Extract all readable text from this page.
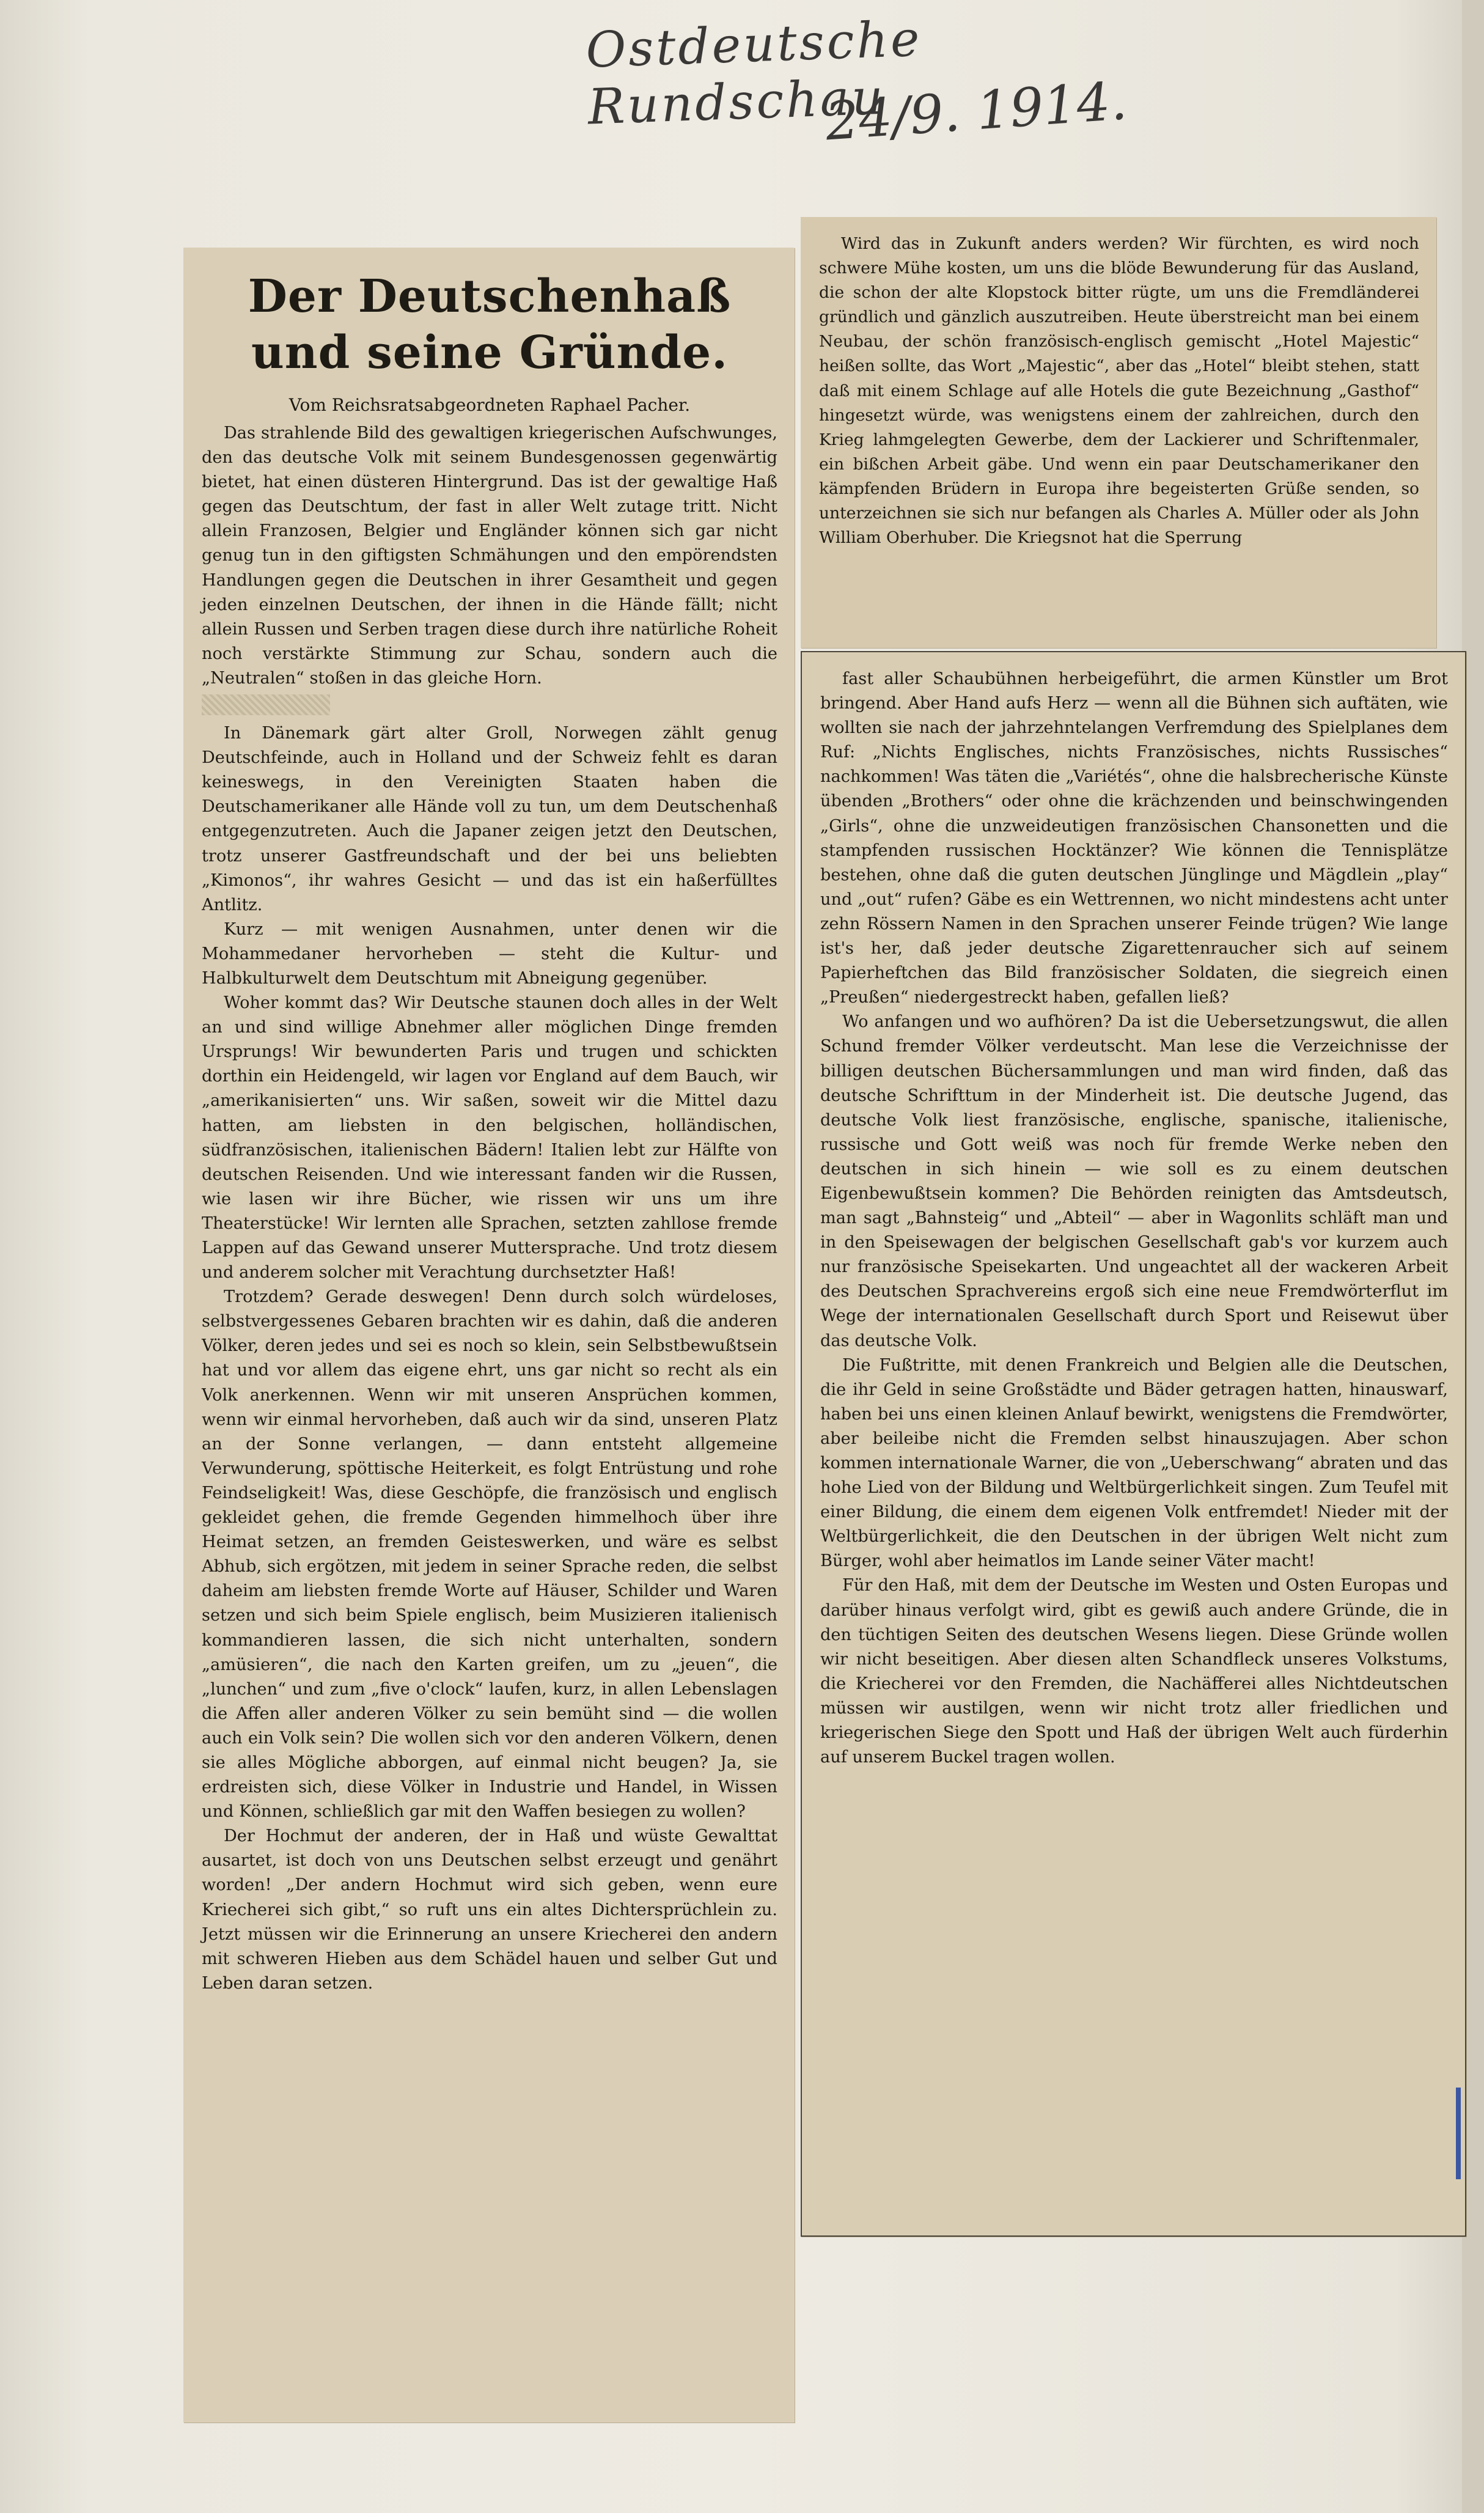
Ostdeutsche Rundschau
24/9. 1914.
Der Deutschenhaß und seine Gründe.
Vom Reichsratsabgeordneten Raphael Pacher.

Das strahlende Bild des gewaltigen kriegerischen Aufschwunges, den das deutsche Volk mit seinem Bundesgenossen gegenwärtig bietet, hat einen düsteren Hintergrund. Das ist der gewaltige Haß gegen das Deutschtum, der fast in aller Welt zutage tritt. Nicht allein Franzosen, Belgier und Engländer können sich gar nicht genug tun in den giftigsten Schmähungen und den empörendsten Handlungen gegen die Deutschen in ihrer Gesamtheit und gegen jeden einzelnen Deutschen, der ihnen in die Hände fällt; nicht allein Russen und Serben tragen diese durch ihre natürliche Roheit noch verstärkte Stimmung zur Schau, sondern auch die „Neutralen“ stoßen in das gleiche Horn.

In Dänemark gärt alter Groll, Norwegen zählt genug Deutschfeinde, auch in Holland und der Schweiz fehlt es daran keineswegs, in den Vereinigten Staaten haben die Deutschamerikaner alle Hände voll zu tun, um dem Deutschenhaß entgegenzutreten. Auch die Japaner zeigen jetzt den Deutschen, trotz unserer Gastfreundschaft und der bei uns beliebten „Kimonos“, ihr wahres Gesicht — und das ist ein haßerfülltes Antlitz.

Kurz — mit wenigen Ausnahmen, unter denen wir die Mohammedaner hervorheben — steht die Kultur- und Halbkulturwelt dem Deutschtum mit Abneigung gegenüber.

Woher kommt das? Wir Deutsche staunen doch alles in der Welt an und sind willige Abnehmer aller möglichen Dinge fremden Ursprungs! Wir bewunderten Paris und trugen und schickten dorthin ein Heidengeld, wir lagen vor England auf dem Bauch, wir „amerikanisierten“ uns. Wir saßen, soweit wir die Mittel dazu hatten, am liebsten in den belgischen, holländischen, südfranzösischen, italienischen Bädern! Italien lebt zur Hälfte von deutschen Reisenden. Und wie interessant fanden wir die Russen, wie lasen wir ihre Bücher, wie rissen wir uns um ihre Theaterstücke! Wir lernten alle Sprachen, setzten zahllose fremde Lappen auf das Gewand unserer Muttersprache. Und trotz diesem und anderem solcher mit Verachtung durchsetzter Haß!

Trotzdem? Gerade deswegen! Denn durch solch würdeloses, selbstvergessenes Gebaren brachten wir es dahin, daß die anderen Völker, deren jedes und sei es noch so klein, sein Selbstbewußtsein hat und vor allem das eigene ehrt, uns gar nicht so recht als ein Volk anerkennen. Wenn wir mit unseren Ansprüchen kommen, wenn wir einmal hervorheben, daß auch wir da sind, unseren Platz an der Sonne verlangen, — dann entsteht allgemeine Verwunderung, spöttische Heiterkeit, es folgt Entrüstung und rohe Feindseligkeit! Was, diese Geschöpfe, die französisch und englisch gekleidet gehen, die fremde Gegenden himmelhoch über ihre Heimat setzen, an fremden Geisteswerken, und wäre es selbst Abhub, sich ergötzen, mit jedem in seiner Sprache reden, die selbst daheim am liebsten fremde Worte auf Häuser, Schilder und Waren setzen und sich beim Spiele englisch, beim Musizieren italienisch kommandieren lassen, die sich nicht unterhalten, sondern „amüsieren“, die nach den Karten greifen, um zu „jeuen“, die „lunchen“ und zum „five o'clock“ laufen, kurz, in allen Lebenslagen die Affen aller anderen Völker zu sein bemüht sind — die wollen auch ein Volk sein? Die wollen sich vor den anderen Völkern, denen sie alles Mögliche abborgen, auf einmal nicht beugen? Ja, sie erdreisten sich, diese Völker in Industrie und Handel, in Wissen und Können, schließlich gar mit den Waffen besiegen zu wollen?

Der Hochmut der anderen, der in Haß und wüste Gewalttat ausartet, ist doch von uns Deutschen selbst erzeugt und genährt worden! „Der andern Hochmut wird sich geben, wenn eure Kriecherei sich gibt,“ so ruft uns ein altes Dichtersprüchlein zu. Jetzt müssen wir die Erinnerung an unsere Kriecherei den andern mit schweren Hieben aus dem Schädel hauen und selber Gut und Leben daran setzen.

Wird das in Zukunft anders werden? Wir fürchten, es wird noch schwere Mühe kosten, um uns die blöde Bewunderung für das Ausland, die schon der alte Klopstock bitter rügte, um uns die Fremdländerei gründlich und gänzlich auszutreiben. Heute überstreicht man bei einem Neubau, der schön französisch-englisch gemischt „Hotel Majestic“ heißen sollte, das Wort „Majestic“, aber das „Hotel“ bleibt stehen, statt daß mit einem Schlage auf alle Hotels die gute Bezeichnung „Gasthof“ hingesetzt würde, was wenigstens einem der zahlreichen, durch den Krieg lahmgelegten Gewerbe, dem der Lackierer und Schriftenmaler, ein bißchen Arbeit gäbe. Und wenn ein paar Deutschamerikaner den kämpfenden Brüdern in Europa ihre begeisterten Grüße senden, so unterzeichnen sie sich nur befangen als Charles A. Müller oder als John William Oberhuber. Die Kriegsnot hat die Sperrung

fast aller Schaubühnen herbeigeführt, die armen Künstler um Brot bringend. Aber Hand aufs Herz — wenn all die Bühnen sich auftäten, wie wollten sie nach der jahrzehntelangen Verfremdung des Spielplanes dem Ruf: „Nichts Englisches, nichts Französisches, nichts Russisches“ nachkommen! Was täten die „Variétés“, ohne die halsbrecherische Künste übenden „Brothers“ oder ohne die krächzenden und beinschwingenden „Girls“, ohne die unzweideutigen französischen Chansonetten und die stampfenden russischen Hocktänzer? Wie können die Tennisplätze bestehen, ohne daß die guten deutschen Jünglinge und Mägdlein „play“ und „out“ rufen? Gäbe es ein Wettrennen, wo nicht mindestens acht unter zehn Rössern Namen in den Sprachen unserer Feinde trügen? Wie lange ist's her, daß jeder deutsche Zigarettenraucher sich auf seinem Papierheftchen das Bild französischer Soldaten, die siegreich einen „Preußen“ niedergestreckt haben, gefallen ließ?

Wo anfangen und wo aufhören? Da ist die Uebersetzungswut, die allen Schund fremder Völker verdeutscht. Man lese die Verzeichnisse der billigen deutschen Büchersammlungen und man wird finden, daß das deutsche Schrifttum in der Minderheit ist. Die deutsche Jugend, das deutsche Volk liest französische, englische, spanische, italienische, russische und Gott weiß was noch für fremde Werke neben den deutschen in sich hinein — wie soll es zu einem deutschen Eigenbewußtsein kommen? Die Behörden reinigten das Amtsdeutsch, man sagt „Bahnsteig“ und „Abteil“ — aber in Wagonlits schläft man und in den Speisewagen der belgischen Gesellschaft gab's vor kurzem auch nur französische Speisekarten. Und ungeachtet all der wackeren Arbeit des Deutschen Sprachvereins ergoß sich eine neue Fremdwörterflut im Wege der internationalen Gesellschaft durch Sport und Reisewut über das deutsche Volk.

Die Fußtritte, mit denen Frankreich und Belgien alle die Deutschen, die ihr Geld in seine Großstädte und Bäder getragen hatten, hinauswarf, haben bei uns einen kleinen Anlauf bewirkt, wenigstens die Fremdwörter, aber beileibe nicht die Fremden selbst hinauszujagen. Aber schon kommen internationale Warner, die von „Ueberschwang“ abraten und das hohe Lied von der Bildung und Weltbürgerlichkeit singen. Zum Teufel mit einer Bildung, die einem dem eigenen Volk entfremdet! Nieder mit der Weltbürgerlichkeit, die den Deutschen in der übrigen Welt nicht zum Bürger, wohl aber heimatlos im Lande seiner Väter macht!

Für den Haß, mit dem der Deutsche im Westen und Osten Europas und darüber hinaus verfolgt wird, gibt es gewiß auch andere Gründe, die in den tüchtigen Seiten des deutschen Wesens liegen. Diese Gründe wollen wir nicht beseitigen. Aber diesen alten Schandfleck unseres Volkstums, die Kriecherei vor den Fremden, die Nachäfferei alles Nichtdeutschen müssen wir austilgen, wenn wir nicht trotz aller friedlichen und kriegerischen Siege den Spott und Haß der übrigen Welt auch fürderhin auf unserem Buckel tragen wollen.
